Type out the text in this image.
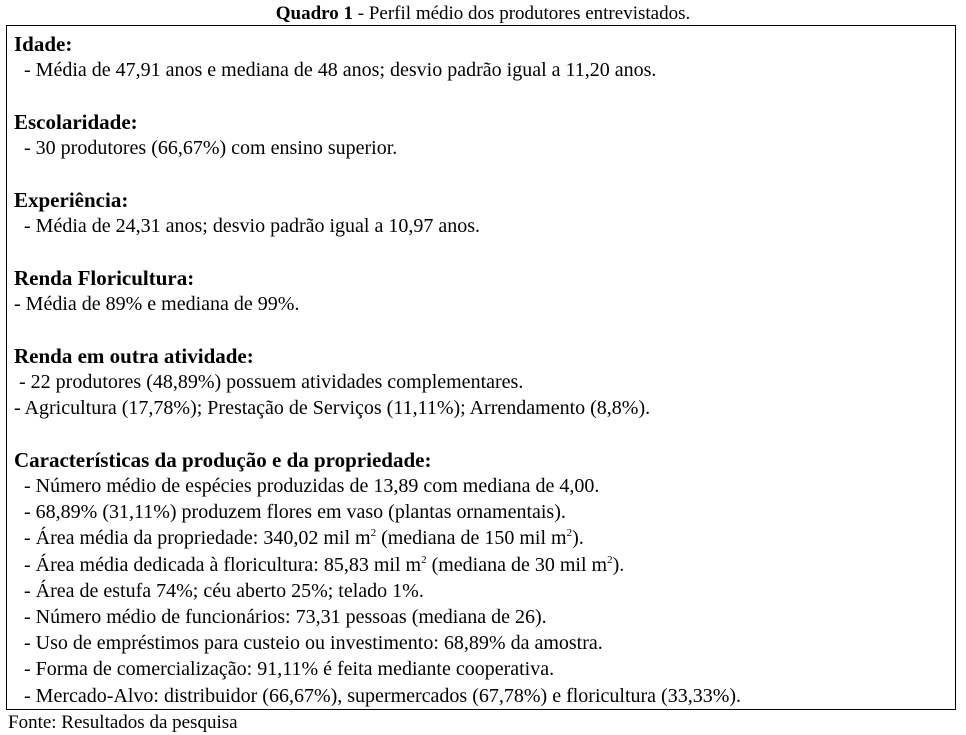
Quadro 1 - Perfil médio dos produtores entrevistados.
Idade:
- Média de 47,91 anos e mediana de 48 anos; desvio padrão igual a 11,20 anos.
Escolaridade:
- 30 produtores (66,67%) com ensino superior.
Experiência:
- Média de 24,31 anos; desvio padrão igual a 10,97 anos.
Renda Floricultura:
- Média de 89% e mediana de 99%.
Renda em outra atividade:
- 22 produtores (48,89%) possuem atividades complementares.
- Agricultura (17,78%); Prestação de Serviços (11,11%); Arrendamento (8,8%).
Características da produção e da propriedade:
- Número médio de espécies produzidas de 13,89 com mediana de 4,00.
- 68,89% (31,11%) produzem flores em vaso (plantas ornamentais).
- Área média da propriedade: 340,02 mil $m^2$ (mediana de 150 mil $m^2$).
- Área média dedicada à floricultura: 85,83 mil $m^2$ (mediana de 30 mil $m^2$).
- Área de estufa 74%; céu aberto 25%; telado 1%.
- Número médio de funcionários: 73,31 pessoas (mediana de 26).
- Uso de empréstimos para custeio ou investimento: 68,89% da amostra.
- Forma de comercialização: 91,11% é feita mediante cooperativa.
- Mercado-Alvo: distribuidor (66,67%), supermercados (67,78%) e floricultura (33,33%).
Fonte: Resultados da pesquisa
